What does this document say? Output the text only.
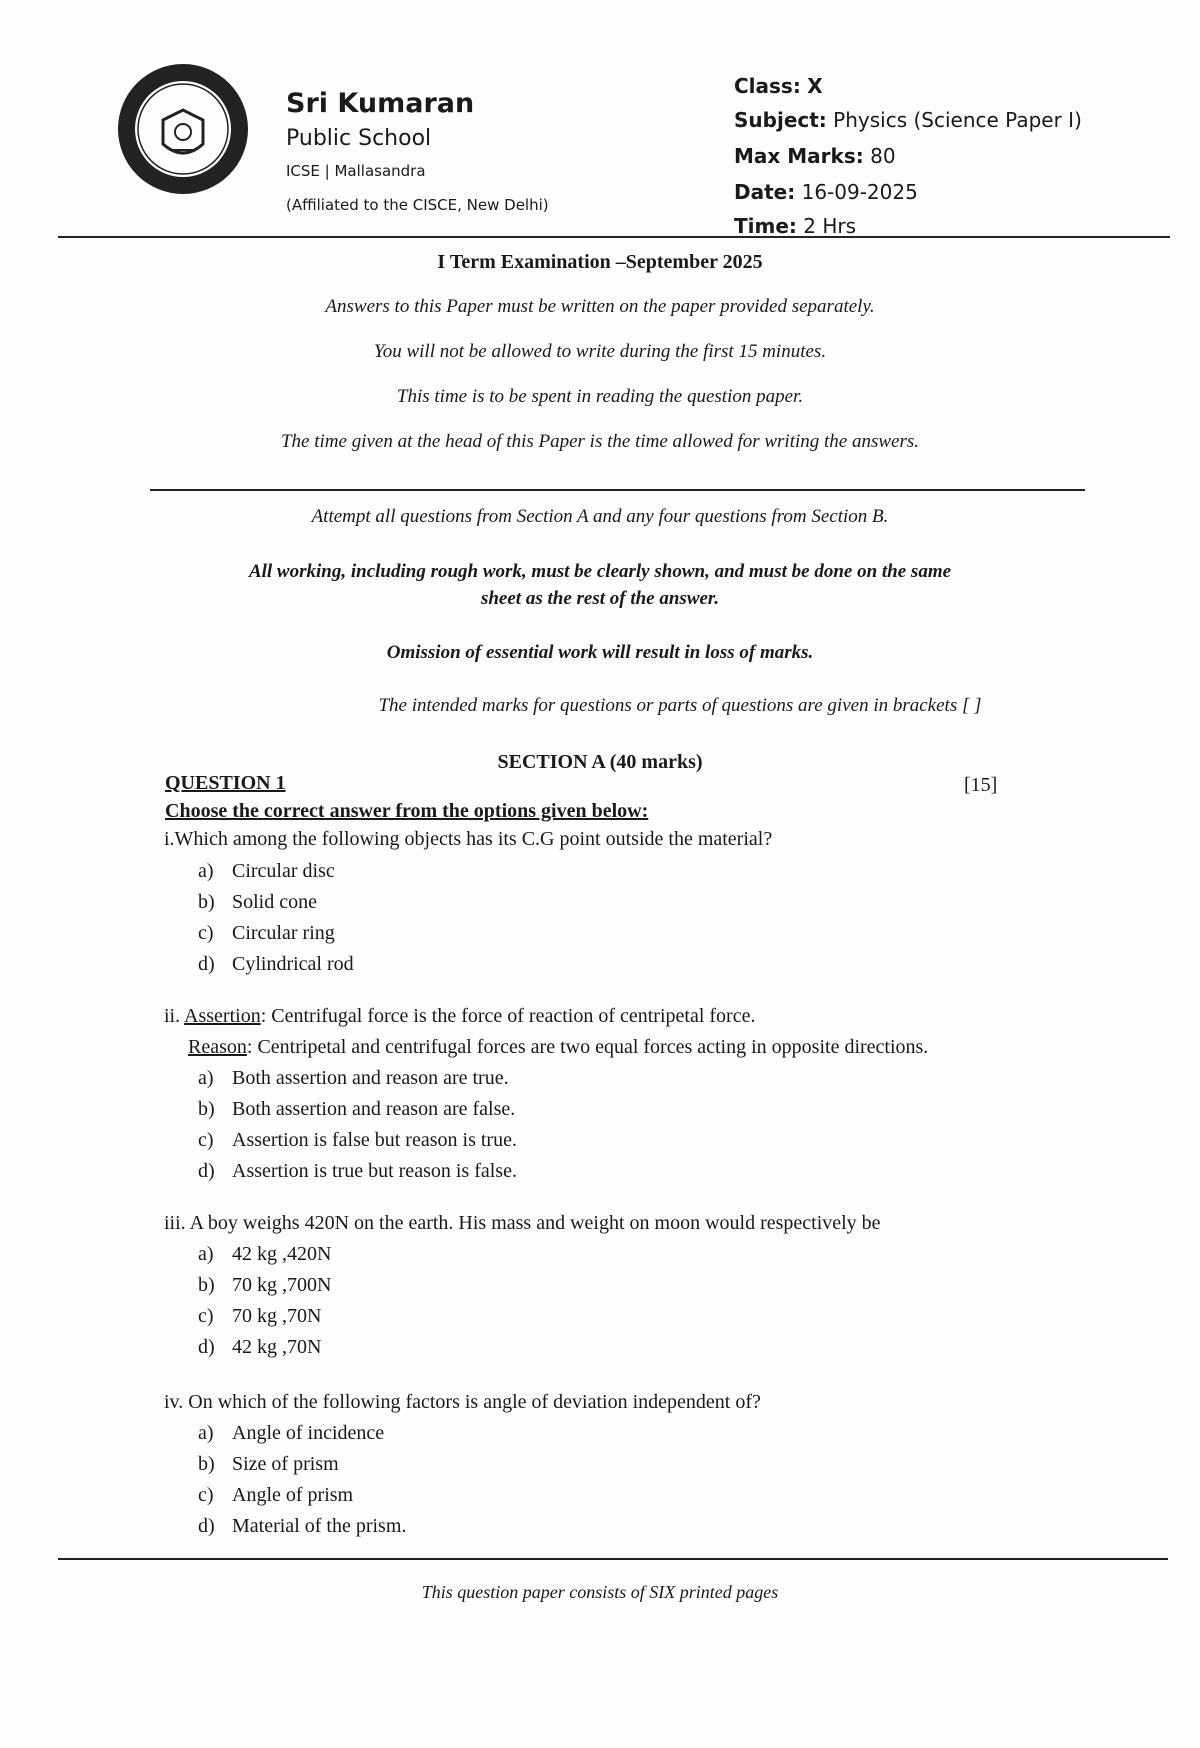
Sri Kumaran
Public School
ICSE | Mallasandra
(Affiliated to the CISCE, New Delhi)
Class: X
Subject: Physics (Science Paper I)
Max Marks: 80
Date: 16-09-2025
Time: 2 Hrs
I Term Examination –September 2025
Answers to this Paper must be written on the paper provided separately.
You will not be allowed to write during the first 15 minutes.
This time is to be spent in reading the question paper.
The time given at the head of this Paper is the time allowed for writing the answers.
Attempt all questions from Section A and any four questions from Section B.
All working, including rough work, must be clearly shown, and must be done on the same
sheet as the rest of the answer.
Omission of essential work will result in loss of marks.
The intended marks for questions or parts of questions are given in brackets [ ]
SECTION A (40 marks)
QUESTION 1	[15]
Choose the correct answer from the options given below:
i.Which among the following objects has its C.G point outside the material?
a) Circular disc
b) Solid cone
c) Circular ring
d) Cylindrical rod
ii. Assertion: Centrifugal force is the force of reaction of centripetal force.
Reason: Centripetal and centrifugal forces are two equal forces acting in opposite directions.
a) Both assertion and reason are true.
b) Both assertion and reason are false.
c) Assertion is false but reason is true.
d) Assertion is true but reason is false.
iii. A boy weighs 420N on the earth. His mass and weight on moon would respectively be
a) 42 kg ,420N
b) 70 kg ,700N
c) 70 kg ,70N
d) 42 kg ,70N
iv. On which of the following factors is angle of deviation independent of?
a) Angle of incidence
b) Size of prism
c) Angle of prism
d) Material of the prism.
This question paper consists of SIX printed pages
